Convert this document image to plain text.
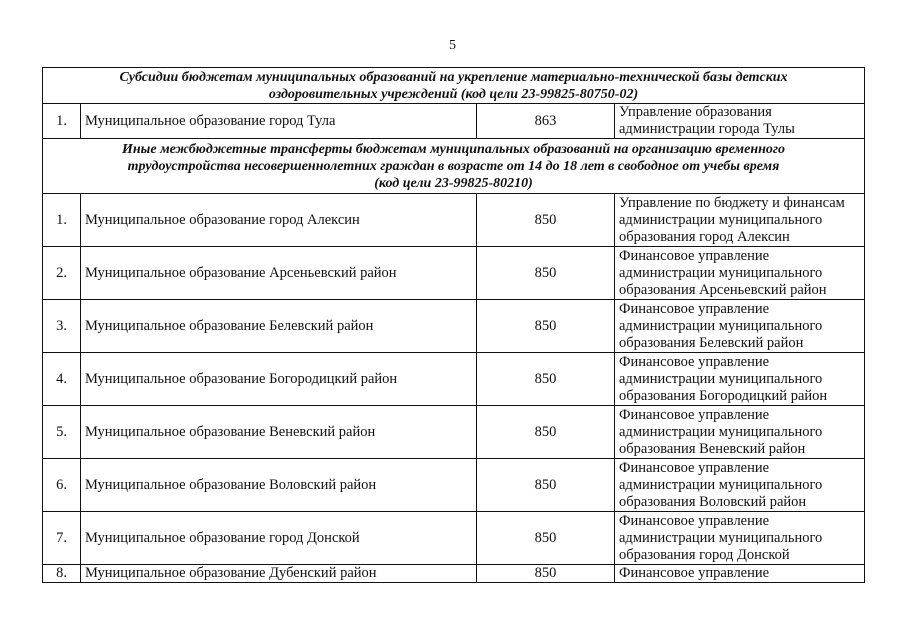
5
Субсидии бюджетам муниципальных образований на укрепление материально-технической базы детских
оздоровительных учреждений (код цели 23-99825-80750-02)			

1.	Муниципальное образование город Тула	863	Управление образования
администрации города Тулы

Иные межбюджетные трансферты бюджетам муниципальных образований на организацию временного
трудоустройства несовершеннолетних граждан в возрасте от 14 до 18 лет в свободное от учебы время
(код цели 23-99825-80210)			

1.	Муниципальное образование город Алексин	850	Управление по бюджету и финансам
администрации муниципального
образования город Алексин

2.	Муниципальное образование Арсеньевский район	850	Финансовое управление
администрации муниципального
образования Арсеньевский район

3.	Муниципальное образование Белевский район	850	Финансовое управление
администрации муниципального
образования Белевский район

4.	Муниципальное образование Богородицкий район	850	Финансовое управление
администрации муниципального
образования Богородицкий район

5.	Муниципальное образование Веневский район	850	Финансовое управление
администрации муниципального
образования Веневский район

6.	Муниципальное образование Воловский район	850	Финансовое управление
администрации муниципального
образования Воловский район

7.	Муниципальное образование город Донской	850	Финансовое управление
администрации муниципального
образования город Донской

8.	Муниципальное образование Дубенский район	850	Финансовое управление
